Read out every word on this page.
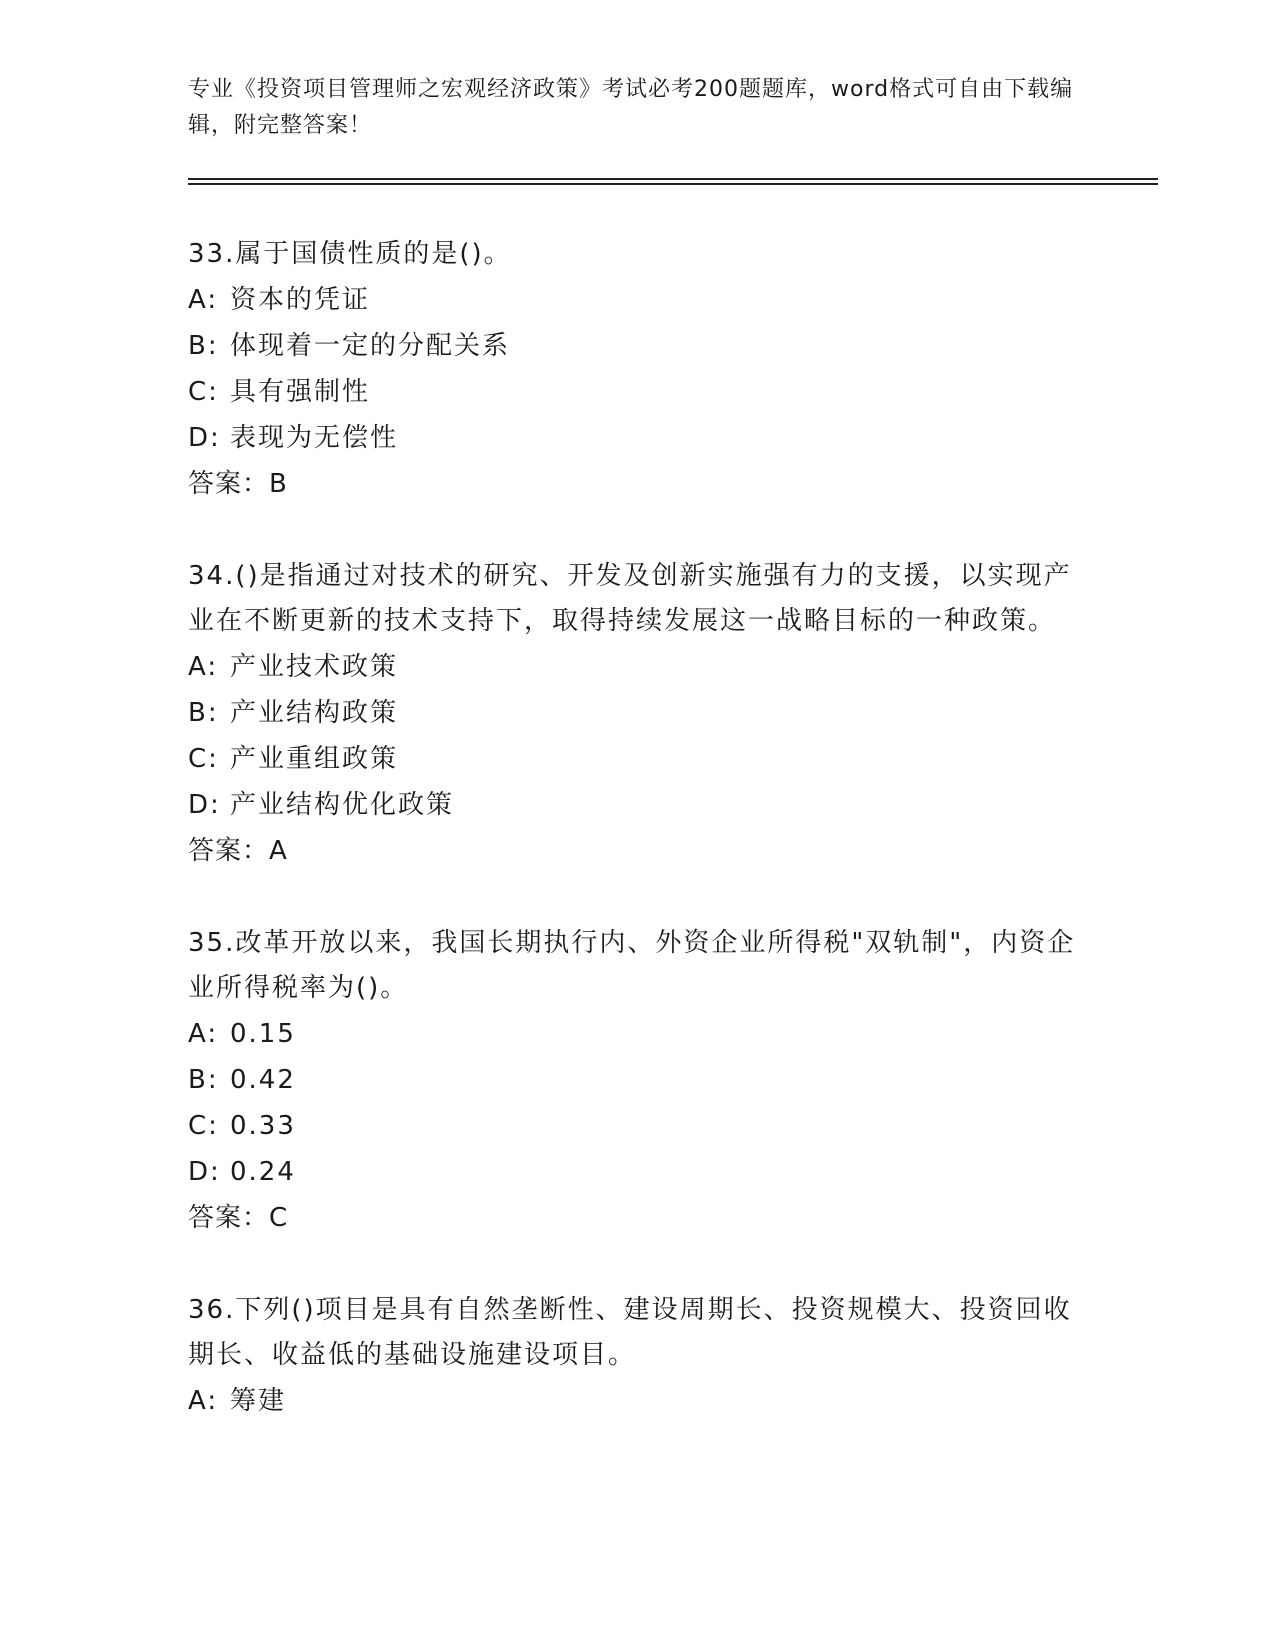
专业《投资项目管理师之宏观经济政策》考试必考200题题库，word格式可自由下载编辑，附完整答案！
33.属于国债性质的是()。
A: 资本的凭证
B: 体现着一定的分配关系
C: 具有强制性
D: 表现为无偿性
答案：B
34.()是指通过对技术的研究、开发及创新实施强有力的支援，以实现产业在不断更新的技术支持下，取得持续发展这一战略目标的一种政策。
A: 产业技术政策
B: 产业结构政策
C: 产业重组政策
D: 产业结构优化政策
答案：A
35.改革开放以来，我国长期执行内、外资企业所得税"双轨制"，内资企业所得税率为()。
A: 0.15
B: 0.42
C: 0.33
D: 0.24
答案：C
36.下列()项目是具有自然垄断性、建设周期长、投资规模大、投资回收期长、收益低的基础设施建设项目。
A: 筹建
